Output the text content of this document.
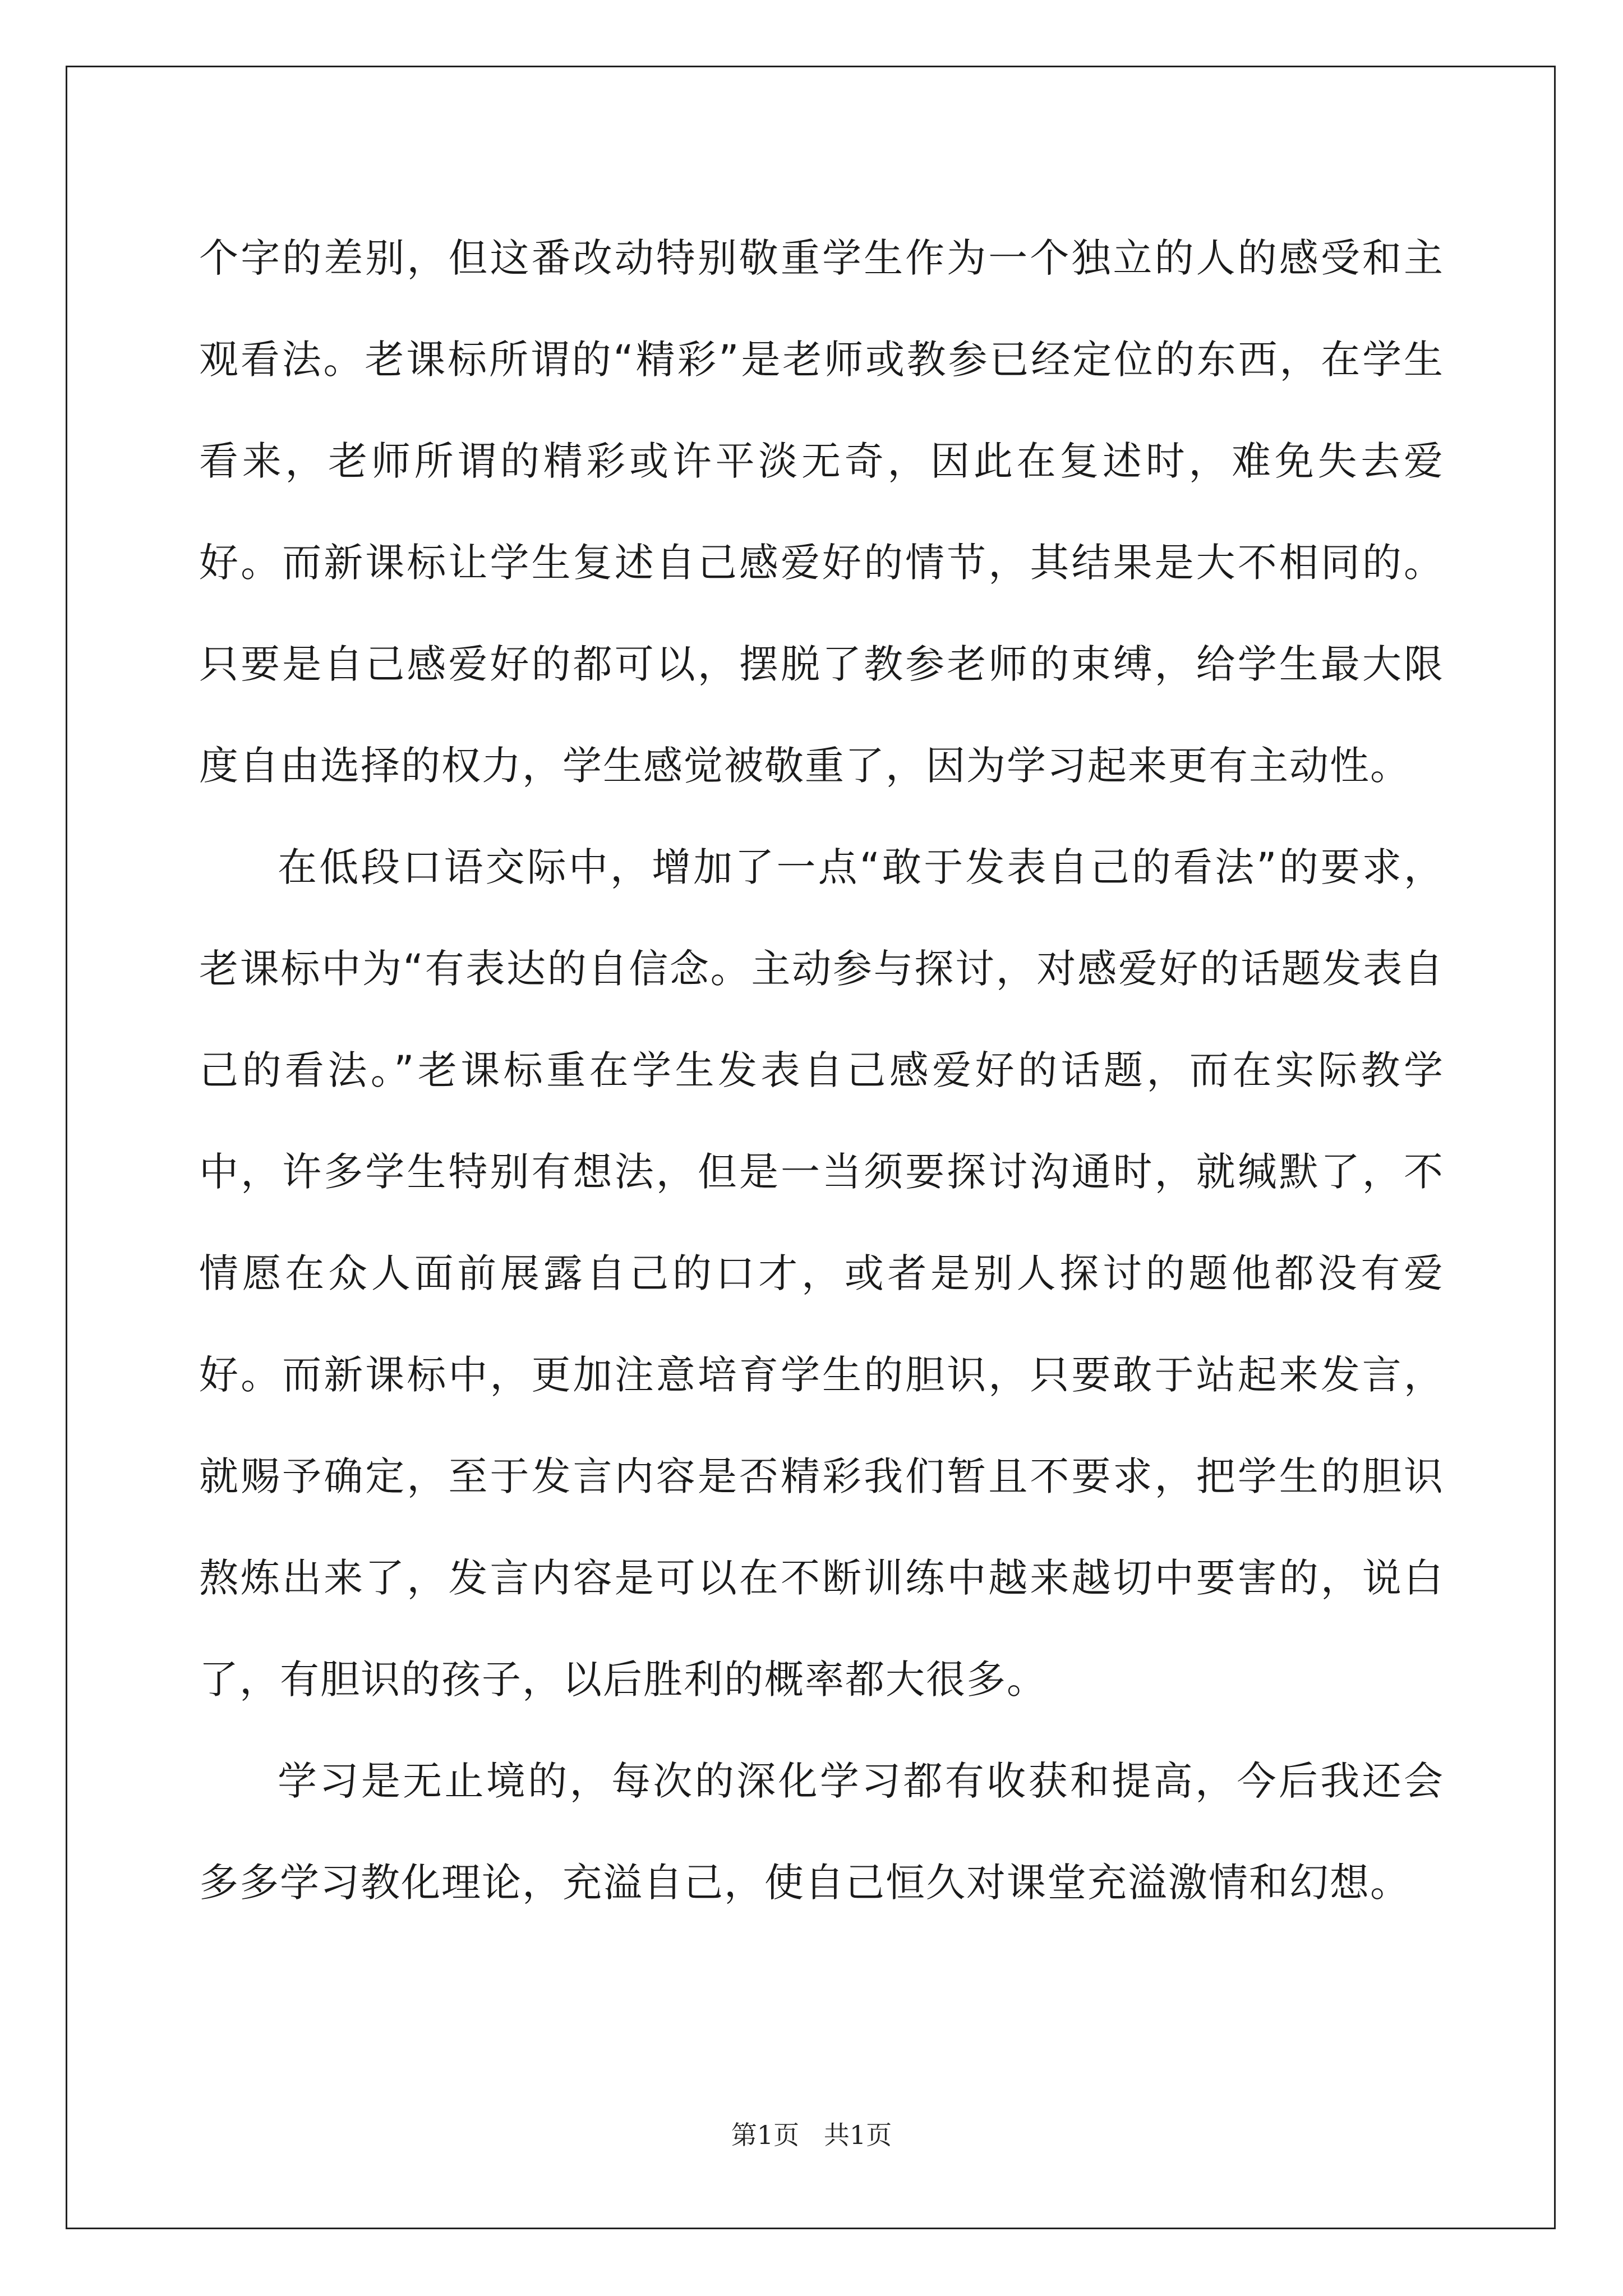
个字的差别，但这番改动特别敬重学生作为一个独立的人的感受和主观看法。老课标所谓的“精彩”是老师或教参已经定位的东西，在学生看来，老师所谓的精彩或许平淡无奇，因此在复述时，难免失去爱好。而新课标让学生复述自己感爱好的情节，其结果是大不相同的。只要是自己感爱好的都可以，摆脱了教参老师的束缚，给学生最大限度自由选择的权力，学生感觉被敬重了，因为学习起来更有主动性。

在低段口语交际中，增加了一点“敢于发表自己的看法”的要求，老课标中为“有表达的自信念。主动参与探讨，对感爱好的话题发表自己的看法。”老课标重在学生发表自己感爱好的话题，而在实际教学中，许多学生特别有想法，但是一当须要探讨沟通时，就缄默了，不情愿在众人面前展露自己的口才，或者是别人探讨的题他都没有爱好。而新课标中，更加注意培育学生的胆识，只要敢于站起来发言，就赐予确定，至于发言内容是否精彩我们暂且不要求，把学生的胆识熬炼出来了，发言内容是可以在不断训练中越来越切中要害的，说白了，有胆识的孩子，以后胜利的概率都大很多。

学习是无止境的，每次的深化学习都有收获和提高，今后我还会多多学习教化理论，充溢自己，使自己恒久对课堂充溢激情和幻想。

第1页   共1页
